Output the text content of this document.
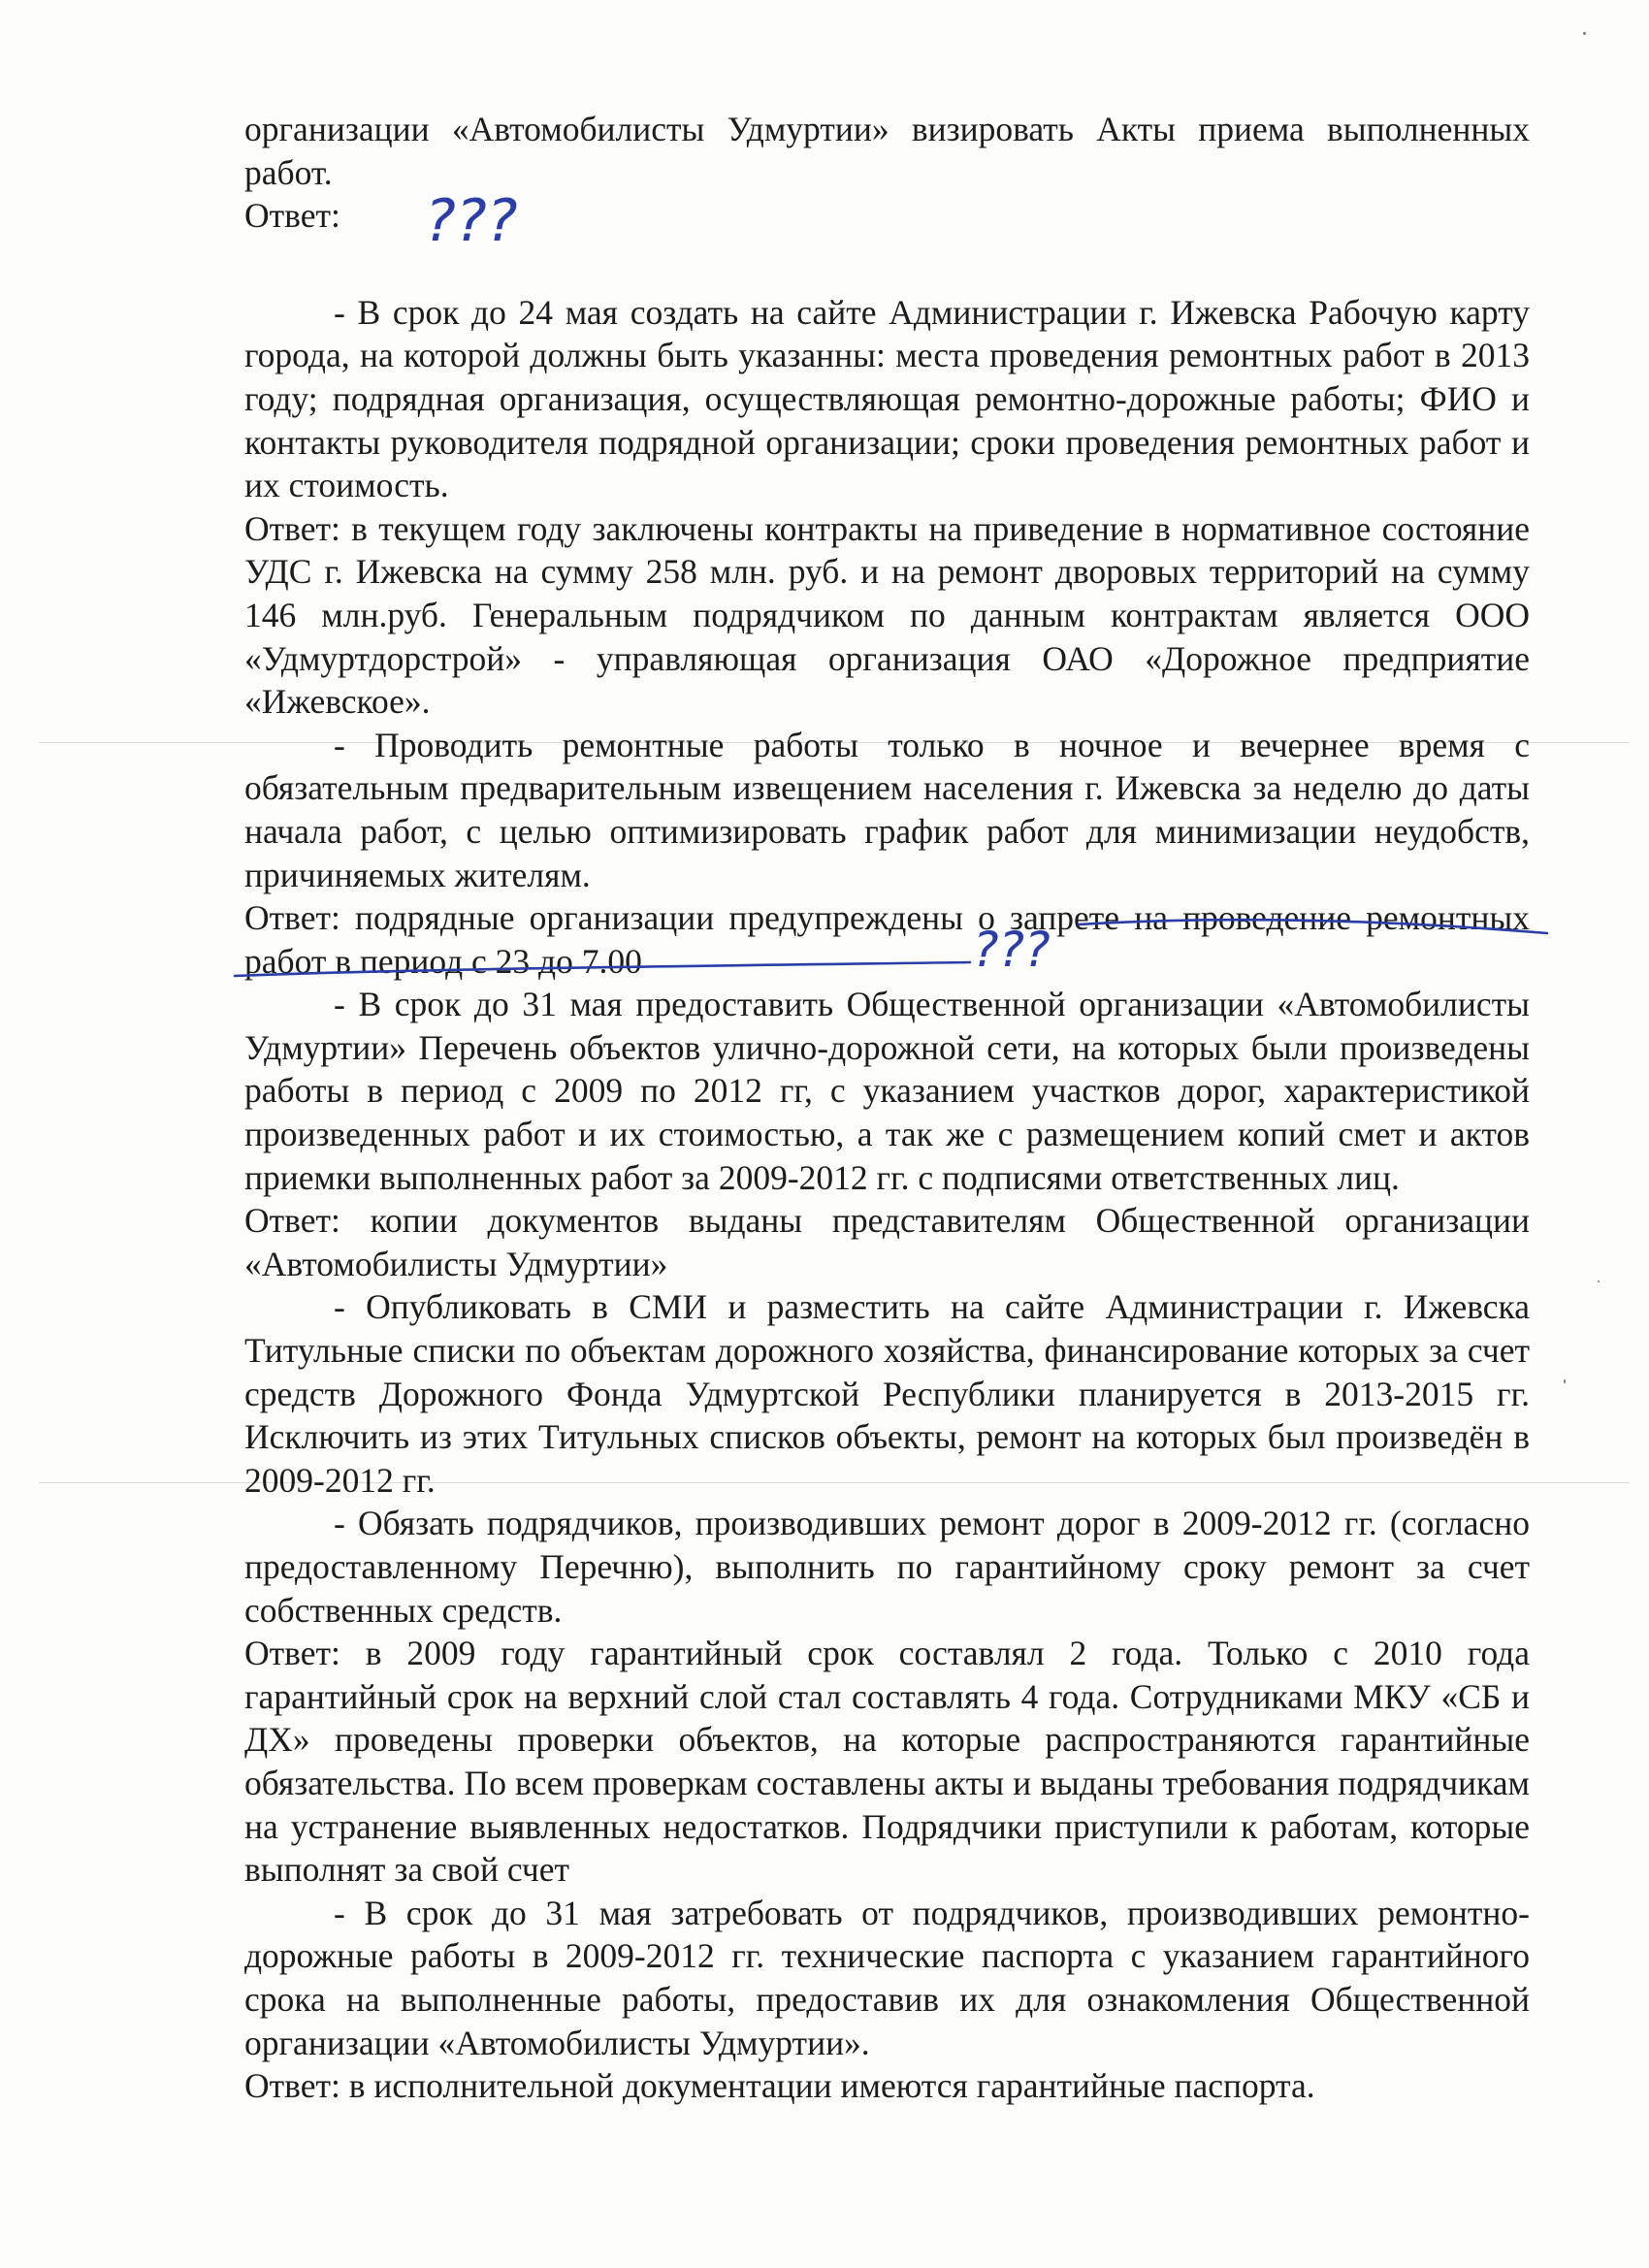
организации «Автомобилисты Удмуртии» визировать Акты приема выполненных работ.

Ответ:

- В срок до 24 мая создать на сайте Администрации г. Ижевска Рабочую карту города, на которой должны быть указанны: места проведения ремонтных работ в 2013 году; подрядная организация, осуществляющая ремонтно-дорожные работы; ФИО и контакты руководителя подрядной организации; сроки проведения ремонтных работ и их стоимость.

Ответ: в текущем году заключены контракты на приведение в нормативное состояние УДС г. Ижевска на сумму 258 млн. руб. и на ремонт дворовых территорий на сумму 146 млн.руб. Генеральным подрядчиком по данным контрактам является ООО «Удмуртдорстрой» - управляющая организация ОАО «Дорожное предприятие «Ижевское».

- Проводить ремонтные работы только в ночное и вечернее время с обязательным предварительным извещением населения г. Ижевска за неделю до даты начала работ, с целью оптимизировать график работ для минимизации неудобств, причиняемых жителям.

Ответ: подрядные организации предупреждены о запрете на проведение ремонтных работ в период с 23 до 7.00

- В срок до 31 мая предоставить Общественной организации «Автомобилисты Удмуртии» Перечень объектов улично-дорожной сети, на которых были произведены работы в период с 2009 по 2012 гг, с указанием участков дорог, характеристикой произведенных работ и их стоимостью, а так же с размещением копий смет и актов приемки выполненных работ за 2009-2012 гг. с подписями ответственных лиц.

Ответ: копии документов выданы представителям Общественной организации «Автомобилисты Удмуртии»

- Опубликовать в СМИ и разместить на сайте Администрации г. Ижевска Титульные списки по объектам дорожного хозяйства, финансирование которых за счет средств Дорожного Фонда Удмуртской Республики планируется в 2013-2015 гг. Исключить из этих Титульных списков объекты, ремонт на которых был произведён в 2009-2012 гг.

- Обязать подрядчиков, производивших ремонт дорог в 2009-2012 гг. (согласно предоставленному Перечню), выполнить по гарантийному сроку ремонт за счет собственных средств.

Ответ: в 2009 году гарантийный срок составлял 2 года. Только с 2010 года гарантийный срок на верхний слой стал составлять 4 года. Сотрудниками МКУ «СБ и ДХ» проведены проверки объектов, на которые распространяются гарантийные обязательства. По всем проверкам составлены акты и выданы требования подрядчикам на устранение выявленных недостатков. Подрядчики приступили к работам, которые выполнят за свой счет

- В срок до 31 мая затребовать от подрядчиков, производивших ремонтно-дорожные работы в 2009-2012 гг. технические паспорта с указанием гарантийного срока на выполненные работы, предоставив их для ознакомления Общественной организации «Автомобилисты Удмуртии».

Ответ: в исполнительной документации имеются гарантийные паспорта.

???
???
